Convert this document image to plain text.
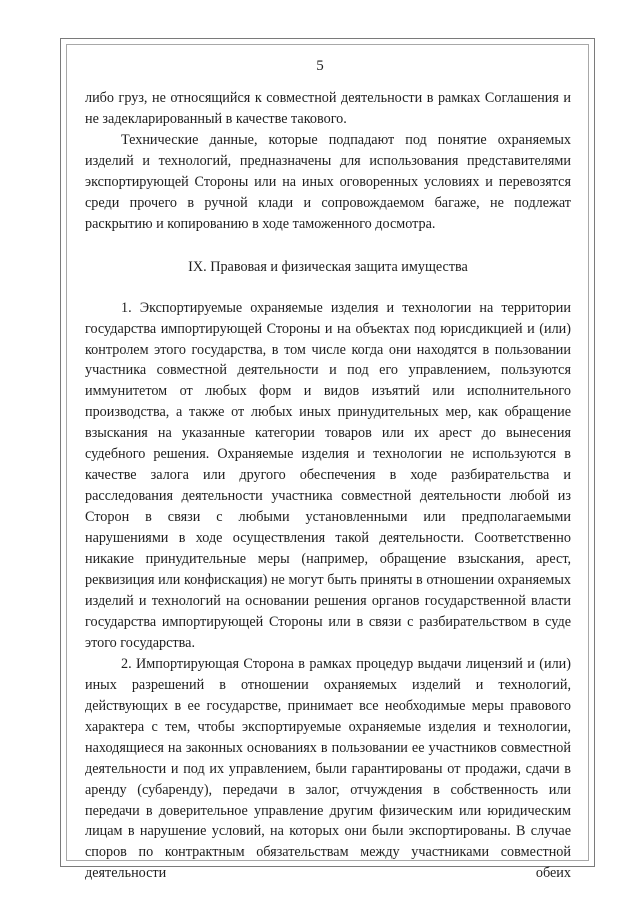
5

либо груз, не относящийся к совместной деятельности в рамках Соглашения и не задекларированный в качестве такового.

Технические данные, которые подпадают под понятие охраняемых изделий и технологий, предназначены для использования представителями экспортирующей Стороны или на иных оговоренных условиях и перевозятся среди прочего в ручной клади и сопровождаемом багаже, не подлежат раскрытию и копированию в ходе таможенного досмотра.

IX. Правовая и физическая защита имущества

1. Экспортируемые охраняемые изделия и технологии на территории государства импортирующей Стороны и на объектах под юрисдикцией и (или) контролем этого государства, в том числе когда они находятся в пользовании участника совместной деятельности и под его управлением, пользуются иммунитетом от любых форм и видов изъятий или исполнительного производства, а также от любых иных принудительных мер, как обращение взыскания на указанные категории товаров или их арест до вынесения судебного решения. Охраняемые изделия и технологии не используются в качестве залога или другого обеспечения в ходе разбирательства и расследования деятельности участника совместной деятельности любой из Сторон в связи с любыми установленными или предполагаемыми нарушениями в ходе осуществления такой деятельности. Соответственно никакие принудительные меры (например, обращение взыскания, арест, реквизиция или конфискация) не могут быть приняты в отношении охраняемых изделий и технологий на основании решения органов государственной власти государства импортирующей Стороны или в связи с разбирательством в суде этого государства.

2. Импортирующая Сторона в рамках процедур выдачи лицензий и (или) иных разрешений в отношении охраняемых изделий и технологий, действующих в ее государстве, принимает все необходимые меры правового характера с тем, чтобы экспортируемые охраняемые изделия и технологии, находящиеся на законных основаниях в пользовании ее участников совместной деятельности и под их управлением, были гарантированы от продажи, сдачи в аренду (субаренду), передачи в залог, отчуждения в собственность или передачи в доверительное управление другим физическим или юридическим лицам в нарушение условий, на которых они были экспортированы. В случае споров по контрактным обязательствам между участниками совместной деятельности обеих
